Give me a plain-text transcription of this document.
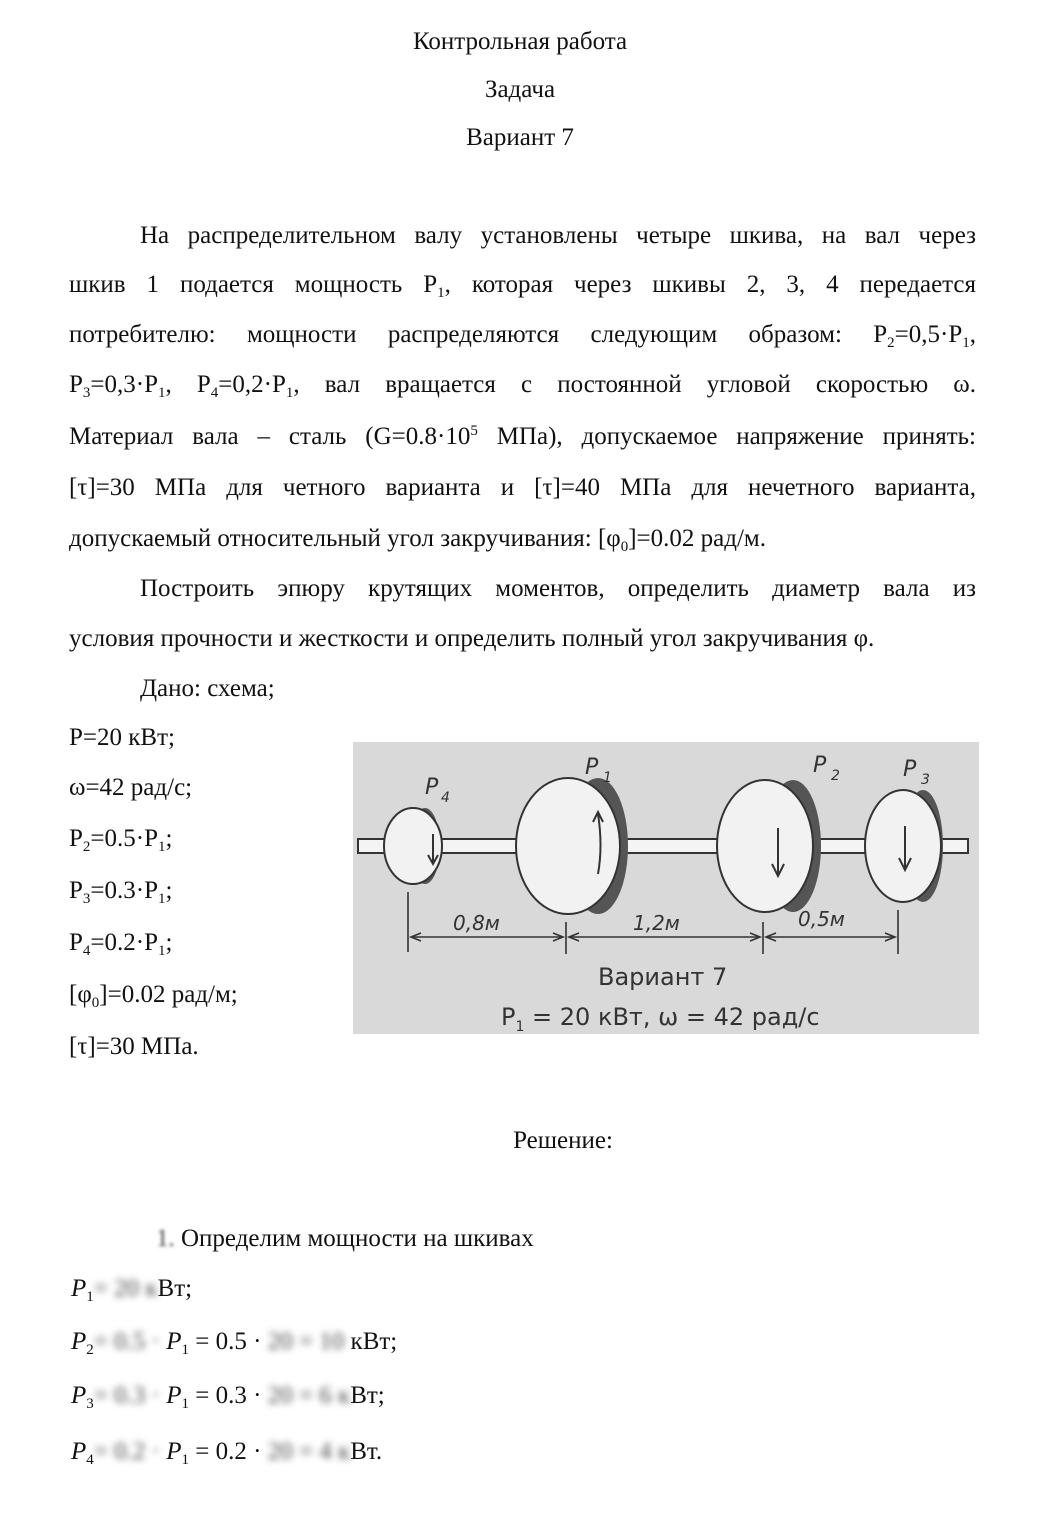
Контрольная работа
Задача
Вариант 7
На распределительном валу установлены четыре шкива, на вал через
шкив 1 подается мощность $P_1$, которая через шкивы 2, 3, 4 передается
потребителю: мощности распределяются следующим образом: $P_2=0,5\cdot P_1$,
$P_3=0,3\cdot P_1$, $P_4=0,2\cdot P_1$, вал вращается с постоянной угловой скоростью ω.
Материал вала – сталь ($G=0.8\cdot 10^5$ МПа), допускаемое напряжение принять:
[τ]=30 МПа для четного варианта и [τ]=40 МПа для нечетного варианта,
допускаемый относительный угол закручивания: $[\varphi_0]=0.02$ рад/м.
Построить эпюру крутящих моментов, определить диаметр вала из
условия прочности и жесткости и определить полный угол закручивания φ.
Дано: схема;
P=20 кВт;
ω=42 рад/с;
$P_2=0.5\cdot P_1$;
$P_3=0.3\cdot P_1$;
$P_4=0.2\cdot P_1$;
$[\varphi_0]=0.02$ рад/м;
[τ]=30 МПа.
P 4
P 1	P 2	P 3
0,8м	1,2м	0,5м
Вариант 7
$P_1 = 20$ кВт, ω = 42 рад/с
Решение:
1. Определим мощности на шкивах
$P_1= 20$ кВт;
$P_2= 0.5 \cdot P_1 = 0.5 \cdot 20 = 10$ кВт;
$P_3= 0.3 \cdot P_1 = 0.3 \cdot 20 = 6$ кВт;
$P_4= 0.2 \cdot P_1 = 0.2 \cdot 20 = 4$ кВт.
